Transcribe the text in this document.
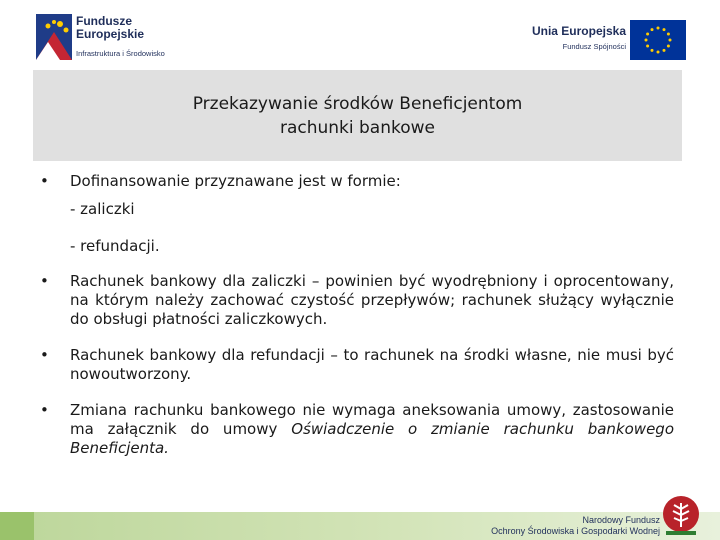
Fundusze
Europejskie
Infrastruktura i Środowisko
Unia Europejska
Fundusz Spójności
Przekazywanie środków Beneficjentom
rachunki bankowe
• Dofinansowanie przyznawane jest w formie:
- zaliczki
- refundacji.
• Rachunek bankowy dla zaliczki – powinien być wyodrębniony i oprocentowany, na którym należy zachować czystość przepływów; rachunek służący wyłącznie do obsługi płatności zaliczkowych.
• Rachunek bankowy dla refundacji – to rachunek na środki własne, nie musi być nowoutworzony.
• Zmiana rachunku bankowego nie wymaga aneksowania umowy, zastosowanie ma załącznik do umowy Oświadczenie o zmianie rachunku bankowego Beneficjenta.
Narodowy Fundusz
Ochrony Środowiska i Gospodarki Wodnej
